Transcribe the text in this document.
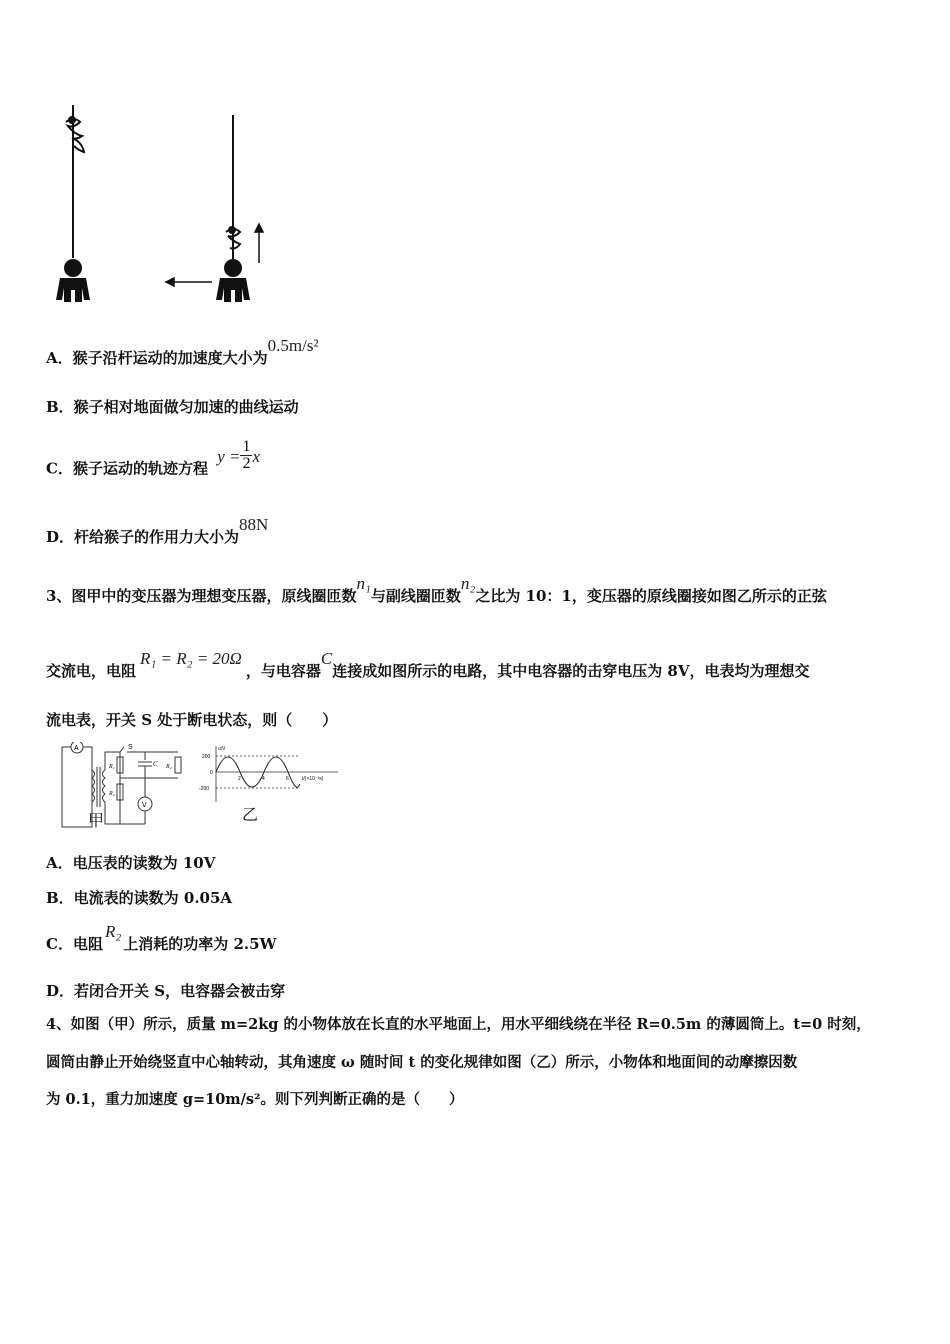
A．猴子沿杆运动的加速度大小为0.5m/s²
B．猴子相对地面做匀加速的曲线运动
C．猴子运动的轨迹方程 $y = \frac{1}{2}$ x
D．杆给猴子的作用力大小为88N
3、图甲中的变压器为理想变压器，原线圈匝数n₁与副线圈匝数n₂之比为 10：1，变压器的原线圈接如图乙所示的正弦
交流电，电阻R₁ = R₂ = 20Ω，与电容器C连接成如图所示的电路，其中电容器的击穿电压为 8V，电表均为理想交
流电表，开关 S 处于断电状态，则（　　）
A
V
S
C
R₁
R₂
R₂
甲
u/V
200
0
-200
2	4	6	t/(×10⁻²s)
乙
A．电压表的读数为 10V
B．电流表的读数为 0.05A
C．电阻R₂上消耗的功率为 2.5W
D．若闭合开关 S，电容器会被击穿
4、如图（甲）所示，质量 m=2kg 的小物体放在长直的水平地面上，用水平细线绕在半径 R=0.5m 的薄圆筒上。t=0 时刻，
圆筒由静止开始绕竖直中心轴转动，其角速度 ω 随时间 t 的变化规律如图（乙）所示，小物体和地面间的动摩擦因数
为 0.1，重力加速度 g=10m/s²。则下列判断正确的是（　　）
